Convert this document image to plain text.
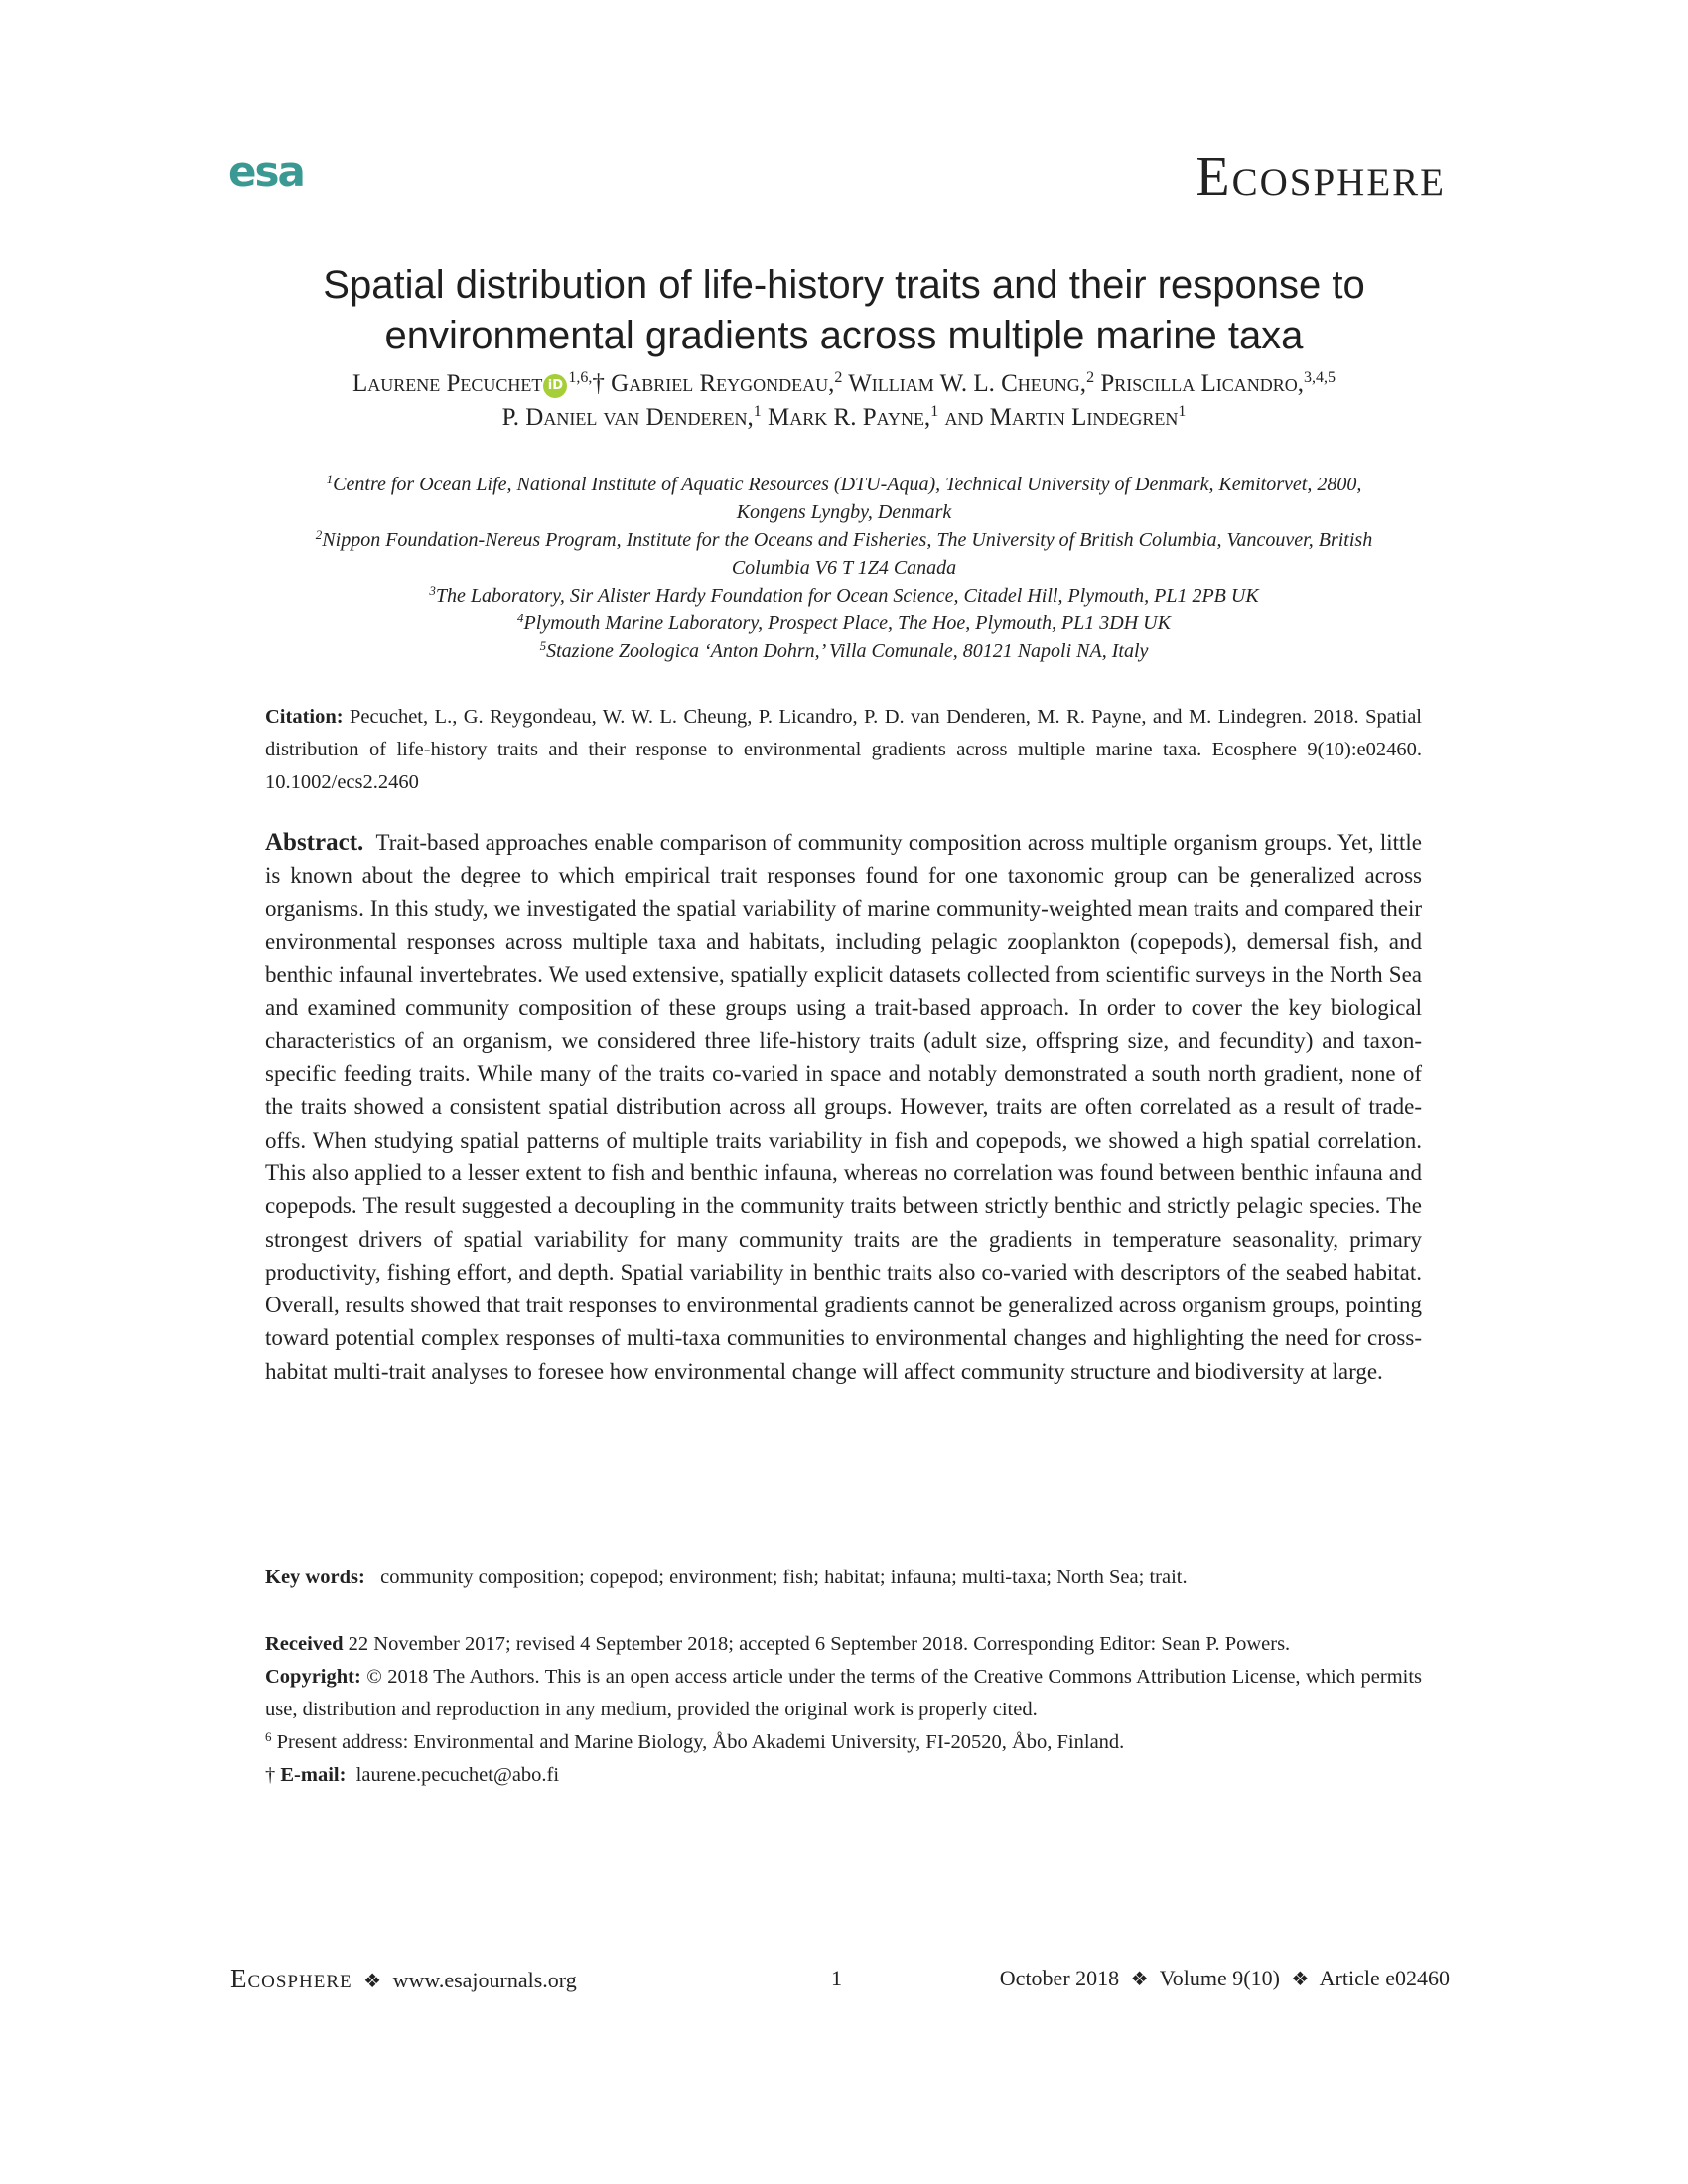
esa	Ecosphere
Spatial distribution of life-history traits and their response to
environmental gradients across multiple marine taxa
Laurene Pecuchet iD $^{1,6,}$† Gabriel Reygondeau,$^2$ William W. L. Cheung,$^2$ Priscilla Licandro,$^{3,4,5}$
P. Daniel van Denderen,$^1$ Mark R. Payne,$^1$ and Martin Lindegren$^1$
$^1$Centre for Ocean Life, National Institute of Aquatic Resources (DTU-Aqua), Technical University of Denmark, Kemitorvet, 2800,
Kongens Lyngby, Denmark
$^2$Nippon Foundation-Nereus Program, Institute for the Oceans and Fisheries, The University of British Columbia, Vancouver, British
Columbia V6 T 1Z4 Canada
$^3$The Laboratory, Sir Alister Hardy Foundation for Ocean Science, Citadel Hill, Plymouth, PL1 2PB UK
$^4$Plymouth Marine Laboratory, Prospect Place, The Hoe, Plymouth, PL1 3DH UK
$^5$Stazione Zoologica ‘Anton Dohrn,’ Villa Comunale, 80121 Napoli NA, Italy
Citation: Pecuchet, L., G. Reygondeau, W. W. L. Cheung, P. Licandro, P. D. van Denderen, M. R. Payne, and M. Lindegren. 2018. Spatial distribution of life-history traits and their response to environmental gradients across multiple marine taxa. Ecosphere 9(10):e02460. 10.1002/ecs2.2460
Abstract. Trait-based approaches enable comparison of community composition across multiple organism groups. Yet, little is known about the degree to which empirical trait responses found for one taxonomic group can be generalized across organisms. In this study, we investigated the spatial variability of marine community-weighted mean traits and compared their environmental responses across multiple taxa and habitats, including pelagic zooplankton (copepods), demersal fish, and benthic infaunal invertebrates. We used extensive, spatially explicit datasets collected from scientific surveys in the North Sea and examined community composition of these groups using a trait-based approach. In order to cover the key biological characteristics of an organism, we considered three life-history traits (adult size, offspring size, and fecundity) and taxon-specific feeding traits. While many of the traits co-varied in space and notably demonstrated a south north gradient, none of the traits showed a consistent spatial distribution across all groups. However, traits are often correlated as a result of trade-offs. When studying spatial patterns of multiple traits variability in fish and copepods, we showed a high spatial correlation. This also applied to a lesser extent to fish and benthic infauna, whereas no correlation was found between benthic infauna and copepods. The result suggested a decoupling in the community traits between strictly benthic and strictly pelagic species. The strongest drivers of spatial variability for many community traits are the gradients in temperature seasonality, primary productivity, fishing effort, and depth. Spatial variability in benthic traits also co-varied with descriptors of the seabed habitat. Overall, results showed that trait responses to environmental gradients cannot be generalized across organism groups, pointing toward potential complex responses of multi-taxa communities to environmental changes and highlighting the need for cross-habitat multi-trait analyses to foresee how environmental change will affect community structure and biodiversity at large.
Key words: community composition; copepod; environment; fish; habitat; infauna; multi-taxa; North Sea; trait.

Received 22 November 2017; revised 4 September 2018; accepted 6 September 2018. Corresponding Editor: Sean P. Powers.

Copyright: © 2018 The Authors. This is an open access article under the terms of the Creative Commons Attribution License, which permits use, distribution and reproduction in any medium, provided the original work is properly cited.

$^6$ Present address: Environmental and Marine Biology, Åbo Akademi University, FI-20520, Åbo, Finland.

† E-mail: laurene.pecuchet@abo.fi

Ecosphere ❖ www.esajournals.org	1	October 2018 ❖ Volume 9(10) ❖ Article e02460
